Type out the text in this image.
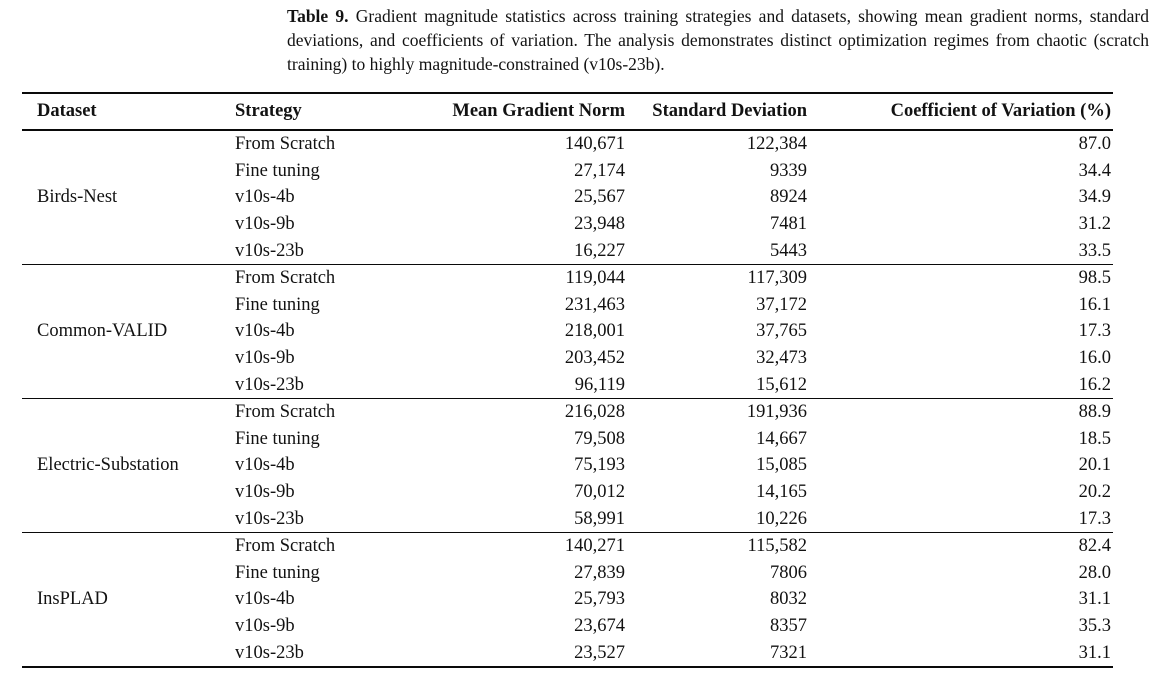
Table 9. Gradient magnitude statistics across training strategies and datasets, showing mean gradient norms, standard deviations, and coefficients of variation. The analysis demonstrates distinct optimization regimes from chaotic (scratch training) to highly magnitude-constrained (v10s-23b).
Dataset	Strategy	Mean Gradient Norm	Standard Deviation	Coefficient of Variation (%)
Birds-Nest	From Scratch	140,671	122,384	87.0
	Fine tuning	27,174	9339	34.4
	v10s-4b	25,567	8924	34.9
	v10s-9b	23,948	7481	31.2
	v10s-23b	16,227	5443	33.5
Common-VALID	From Scratch	119,044	117,309	98.5
	Fine tuning	231,463	37,172	16.1
	v10s-4b	218,001	37,765	17.3
	v10s-9b	203,452	32,473	16.0
	v10s-23b	96,119	15,612	16.2
Electric-Substation	From Scratch	216,028	191,936	88.9
	Fine tuning	79,508	14,667	18.5
	v10s-4b	75,193	15,085	20.1
	v10s-9b	70,012	14,165	20.2
	v10s-23b	58,991	10,226	17.3
InsPLAD	From Scratch	140,271	115,582	82.4
	Fine tuning	27,839	7806	28.0
	v10s-4b	25,793	8032	31.1
	v10s-9b	23,674	8357	35.3
	v10s-23b	23,527	7321	31.1
